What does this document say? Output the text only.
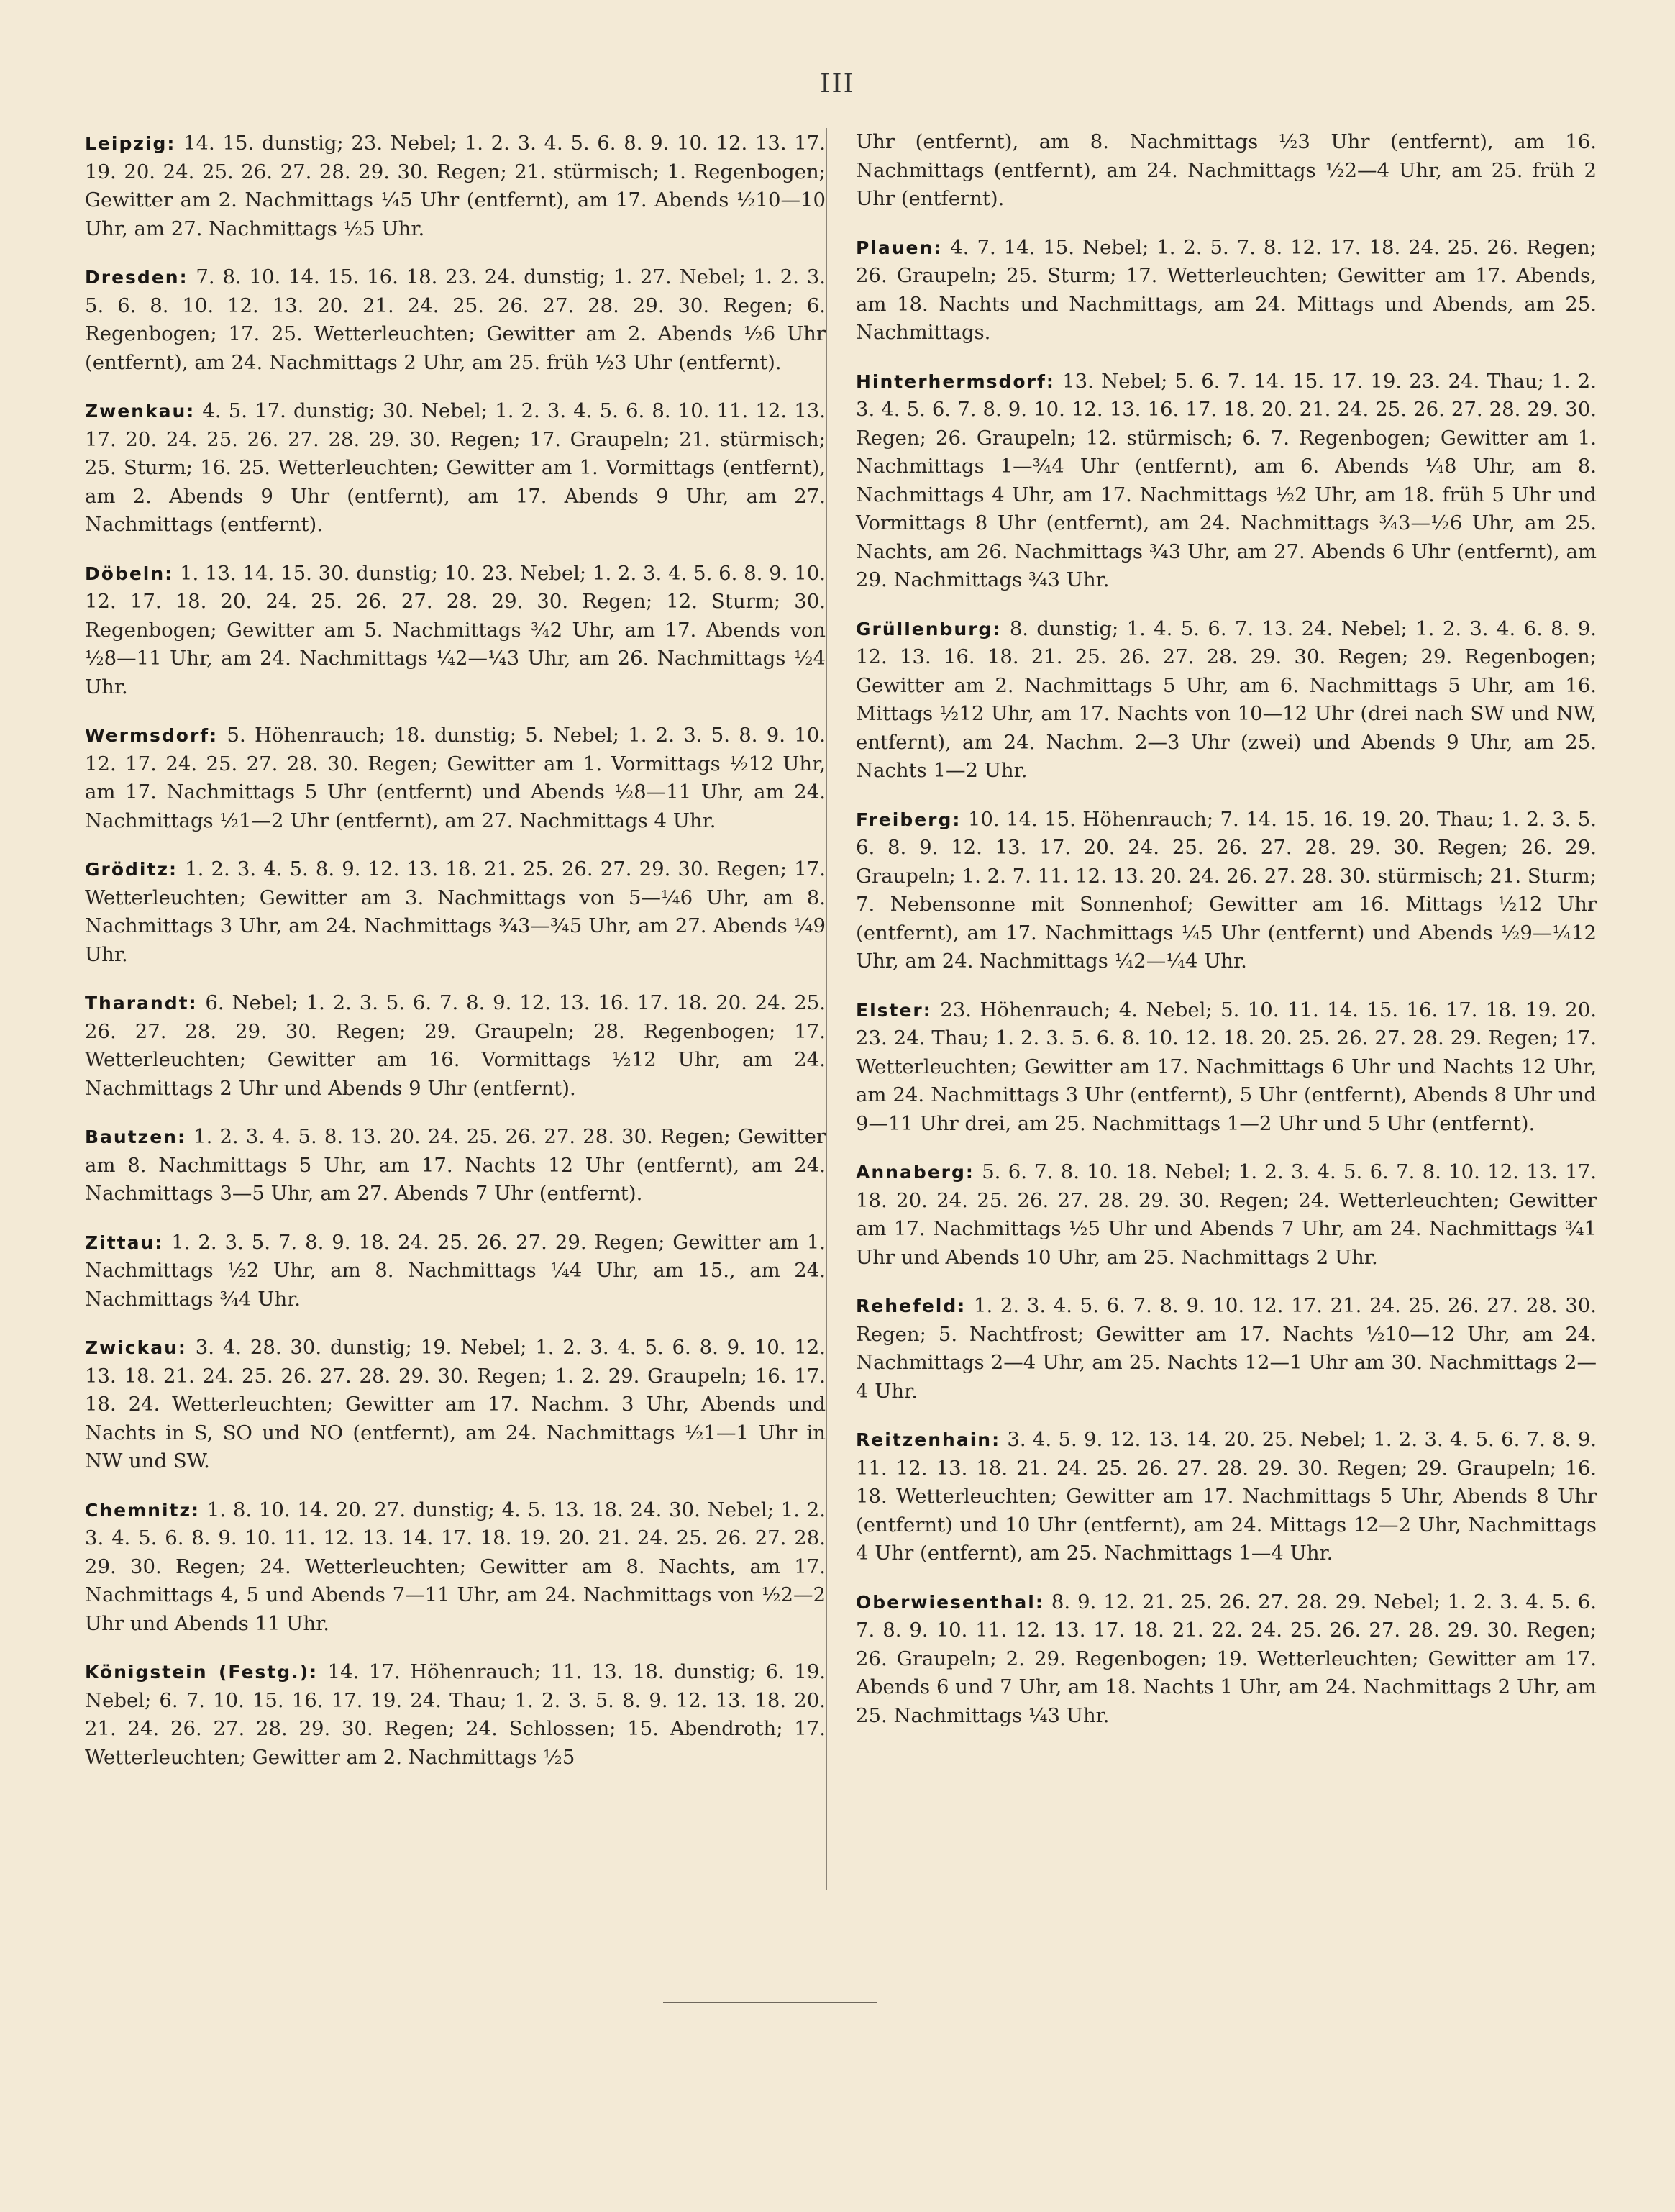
III

Leipzig: 14. 15. dunstig; 23. Nebel; 1. 2. 3. 4. 5. 6. 8. 9. 10. 12. 13. 17. 19. 20. 24. 25. 26. 27. 28. 29. 30. Regen; 21. stürmisch; 1. Regenbogen; Gewitter am 2. Nachmittags ¼5 Uhr (entfernt), am 17. Abends ½10—10 Uhr, am 27. Nachmittags ½5 Uhr.

Dresden: 7. 8. 10. 14. 15. 16. 18. 23. 24. dunstig; 1. 27. Nebel; 1. 2. 3. 5. 6. 8. 10. 12. 13. 20. 21. 24. 25. 26. 27. 28. 29. 30. Regen; 6. Regenbogen; 17. 25. Wetterleuchten; Gewitter am 2. Abends ½6 Uhr (entfernt), am 24. Nachmittags 2 Uhr, am 25. früh ½3 Uhr (entfernt).

Zwenkau: 4. 5. 17. dunstig; 30. Nebel; 1. 2. 3. 4. 5. 6. 8. 10. 11. 12. 13. 17. 20. 24. 25. 26. 27. 28. 29. 30. Regen; 17. Graupeln; 21. stürmisch; 25. Sturm; 16. 25. Wetterleuchten; Gewitter am 1. Vormittags (entfernt), am 2. Abends 9 Uhr (entfernt), am 17. Abends 9 Uhr, am 27. Nachmittags (entfernt).

Döbeln: 1. 13. 14. 15. 30. dunstig; 10. 23. Nebel; 1. 2. 3. 4. 5. 6. 8. 9. 10. 12. 17. 18. 20. 24. 25. 26. 27. 28. 29. 30. Regen; 12. Sturm; 30. Regenbogen; Gewitter am 5. Nachmittags ¾2 Uhr, am 17. Abends von ½8—11 Uhr, am 24. Nachmittags ¼2—¼3 Uhr, am 26. Nachmittags ½4 Uhr.

Wermsdorf: 5. Höhenrauch; 18. dunstig; 5. Nebel; 1. 2. 3. 5. 8. 9. 10. 12. 17. 24. 25. 27. 28. 30. Regen; Gewitter am 1. Vormittags ½12 Uhr, am 17. Nachmittags 5 Uhr (entfernt) und Abends ½8—11 Uhr, am 24. Nachmittags ½1—2 Uhr (entfernt), am 27. Nachmittags 4 Uhr.

Gröditz: 1. 2. 3. 4. 5. 8. 9. 12. 13. 18. 21. 25. 26. 27. 29. 30. Regen; 17. Wetterleuchten; Gewitter am 3. Nachmittags von 5—¼6 Uhr, am 8. Nachmittags 3 Uhr, am 24. Nachmittags ¾3—¾5 Uhr, am 27. Abends ¼9 Uhr.

Tharandt: 6. Nebel; 1. 2. 3. 5. 6. 7. 8. 9. 12. 13. 16. 17. 18. 20. 24. 25. 26. 27. 28. 29. 30. Regen; 29. Graupeln; 28. Regenbogen; 17. Wetterleuchten; Gewitter am 16. Vormittags ½12 Uhr, am 24. Nachmittags 2 Uhr und Abends 9 Uhr (entfernt).

Bautzen: 1. 2. 3. 4. 5. 8. 13. 20. 24. 25. 26. 27. 28. 30. Regen; Gewitter am 8. Nachmittags 5 Uhr, am 17. Nachts 12 Uhr (entfernt), am 24. Nachmittags 3—5 Uhr, am 27. Abends 7 Uhr (entfernt).

Zittau: 1. 2. 3. 5. 7. 8. 9. 18. 24. 25. 26. 27. 29. Regen; Gewitter am 1. Nachmittags ½2 Uhr, am 8. Nachmittags ¼4 Uhr, am 15., am 24. Nachmittags ¾4 Uhr.

Zwickau: 3. 4. 28. 30. dunstig; 19. Nebel; 1. 2. 3. 4. 5. 6. 8. 9. 10. 12. 13. 18. 21. 24. 25. 26. 27. 28. 29. 30. Regen; 1. 2. 29. Graupeln; 16. 17. 18. 24. Wetterleuchten; Gewitter am 17. Nachm. 3 Uhr, Abends und Nachts in S, SO und NO (entfernt), am 24. Nachmittags ½1—1 Uhr in NW und SW.

Chemnitz: 1. 8. 10. 14. 20. 27. dunstig; 4. 5. 13. 18. 24. 30. Nebel; 1. 2. 3. 4. 5. 6. 8. 9. 10. 11. 12. 13. 14. 17. 18. 19. 20. 21. 24. 25. 26. 27. 28. 29. 30. Regen; 24. Wetterleuchten; Gewitter am 8. Nachts, am 17. Nachmittags 4, 5 und Abends 7—11 Uhr, am 24. Nachmittags von ½2—2 Uhr und Abends 11 Uhr.

Königstein (Festg.): 14. 17. Höhenrauch; 11. 13. 18. dunstig; 6. 19. Nebel; 6. 7. 10. 15. 16. 17. 19. 24. Thau; 1. 2. 3. 5. 8. 9. 12. 13. 18. 20. 21. 24. 26. 27. 28. 29. 30. Regen; 24. Schlossen; 15. Abendroth; 17. Wetterleuchten; Gewitter am 2. Nachmittags ½5

Uhr (entfernt), am 8. Nachmittags ½3 Uhr (entfernt), am 16. Nachmittags (entfernt), am 24. Nachmittags ½2—4 Uhr, am 25. früh 2 Uhr (entfernt).

Plauen: 4. 7. 14. 15. Nebel; 1. 2. 5. 7. 8. 12. 17. 18. 24. 25. 26. Regen; 26. Graupeln; 25. Sturm; 17. Wetterleuchten; Gewitter am 17. Abends, am 18. Nachts und Nachmittags, am 24. Mittags und Abends, am 25. Nachmittags.

Hinterhermsdorf: 13. Nebel; 5. 6. 7. 14. 15. 17. 19. 23. 24. Thau; 1. 2. 3. 4. 5. 6. 7. 8. 9. 10. 12. 13. 16. 17. 18. 20. 21. 24. 25. 26. 27. 28. 29. 30. Regen; 26. Graupeln; 12. stürmisch; 6. 7. Regenbogen; Gewitter am 1. Nachmittags 1—¾4 Uhr (entfernt), am 6. Abends ¼8 Uhr, am 8. Nachmittags 4 Uhr, am 17. Nachmittags ½2 Uhr, am 18. früh 5 Uhr und Vormittags 8 Uhr (entfernt), am 24. Nachmittags ¾3—½6 Uhr, am 25. Nachts, am 26. Nachmittags ¾3 Uhr, am 27. Abends 6 Uhr (entfernt), am 29. Nachmittags ¾3 Uhr.

Grüllenburg: 8. dunstig; 1. 4. 5. 6. 7. 13. 24. Nebel; 1. 2. 3. 4. 6. 8. 9. 12. 13. 16. 18. 21. 25. 26. 27. 28. 29. 30. Regen; 29. Regenbogen; Gewitter am 2. Nachmittags 5 Uhr, am 6. Nachmittags 5 Uhr, am 16. Mittags ½12 Uhr, am 17. Nachts von 10—12 Uhr (drei nach SW und NW, entfernt), am 24. Nachm. 2—3 Uhr (zwei) und Abends 9 Uhr, am 25. Nachts 1—2 Uhr.

Freiberg: 10. 14. 15. Höhenrauch; 7. 14. 15. 16. 19. 20. Thau; 1. 2. 3. 5. 6. 8. 9. 12. 13. 17. 20. 24. 25. 26. 27. 28. 29. 30. Regen; 26. 29. Graupeln; 1. 2. 7. 11. 12. 13. 20. 24. 26. 27. 28. 30. stürmisch; 21. Sturm; 7. Nebensonne mit Sonnenhof; Gewitter am 16. Mittags ½12 Uhr (entfernt), am 17. Nachmittags ¼5 Uhr (entfernt) und Abends ½9—¼12 Uhr, am 24. Nachmittags ¼2—¼4 Uhr.

Elster: 23. Höhenrauch; 4. Nebel; 5. 10. 11. 14. 15. 16. 17. 18. 19. 20. 23. 24. Thau; 1. 2. 3. 5. 6. 8. 10. 12. 18. 20. 25. 26. 27. 28. 29. Regen; 17. Wetterleuchten; Gewitter am 17. Nachmittags 6 Uhr und Nachts 12 Uhr, am 24. Nachmittags 3 Uhr (entfernt), 5 Uhr (entfernt), Abends 8 Uhr und 9—11 Uhr drei, am 25. Nachmittags 1—2 Uhr und 5 Uhr (entfernt).

Annaberg: 5. 6. 7. 8. 10. 18. Nebel; 1. 2. 3. 4. 5. 6. 7. 8. 10. 12. 13. 17. 18. 20. 24. 25. 26. 27. 28. 29. 30. Regen; 24. Wetterleuchten; Gewitter am 17. Nachmittags ½5 Uhr und Abends 7 Uhr, am 24. Nachmittags ¾1 Uhr und Abends 10 Uhr, am 25. Nachmittags 2 Uhr.

Rehefeld: 1. 2. 3. 4. 5. 6. 7. 8. 9. 10. 12. 17. 21. 24. 25. 26. 27. 28. 30. Regen; 5. Nachtfrost; Gewitter am 17. Nachts ½10—12 Uhr, am 24. Nachmittags 2—4 Uhr, am 25. Nachts 12—1 Uhr am 30. Nachmittags 2—4 Uhr.

Reitzenhain: 3. 4. 5. 9. 12. 13. 14. 20. 25. Nebel; 1. 2. 3. 4. 5. 6. 7. 8. 9. 11. 12. 13. 18. 21. 24. 25. 26. 27. 28. 29. 30. Regen; 29. Graupeln; 16. 18. Wetterleuchten; Gewitter am 17. Nachmittags 5 Uhr, Abends 8 Uhr (entfernt) und 10 Uhr (entfernt), am 24. Mittags 12—2 Uhr, Nachmittags 4 Uhr (entfernt), am 25. Nachmittags 1—4 Uhr.

Oberwiesenthal: 8. 9. 12. 21. 25. 26. 27. 28. 29. Nebel; 1. 2. 3. 4. 5. 6. 7. 8. 9. 10. 11. 12. 13. 17. 18. 21. 22. 24. 25. 26. 27. 28. 29. 30. Regen; 26. Graupeln; 2. 29. Regenbogen; 19. Wetterleuchten; Gewitter am 17. Abends 6 und 7 Uhr, am 18. Nachts 1 Uhr, am 24. Nachmittags 2 Uhr, am 25. Nachmittags ¼3 Uhr.
